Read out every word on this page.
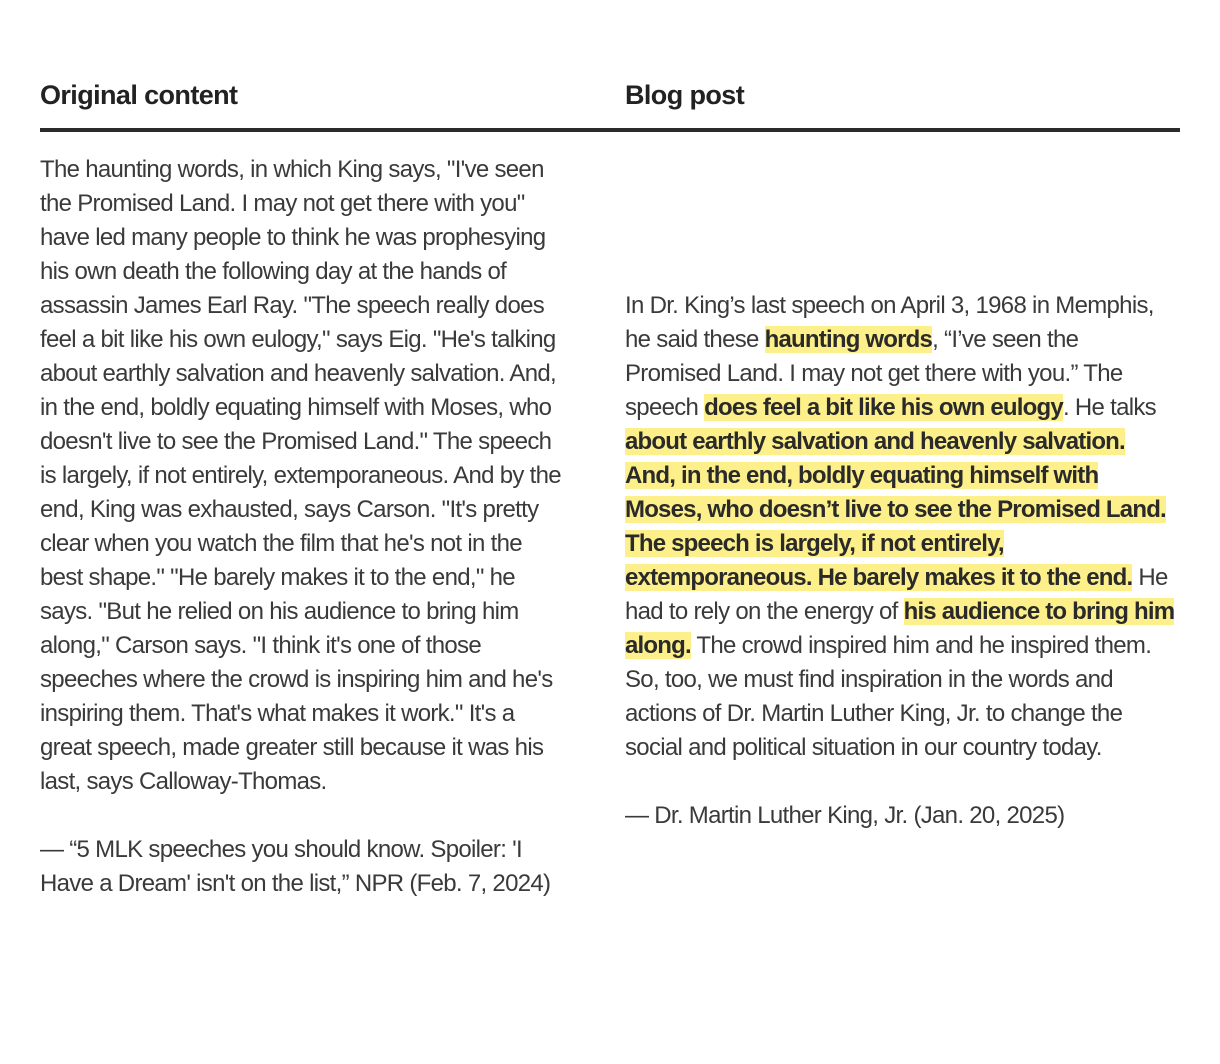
Original content	Blog post

The haunting words, in which King says, "I've seen the Promised Land. I may not get there with you" have led many people to think he was prophesying his own death the following day at the hands of assassin James Earl Ray. "The speech really does feel a bit like his own eulogy," says Eig. "He's talking about earthly salvation and heavenly salvation. And, in the end, boldly equating himself with Moses, who doesn't live to see the Promised Land." The speech is largely, if not entirely, extemporaneous. And by the end, King was exhausted, says Carson. "It's pretty clear when you watch the film that he's not in the best shape." "He barely makes it to the end," he says. "But he relied on his audience to bring him along," Carson says. "I think it's one of those speeches where the crowd is inspiring him and he's inspiring them. That's what makes it work." It's a great speech, made greater still because it was his last, says Calloway-Thomas.

— “5 MLK speeches you should know. Spoiler: 'I Have a Dream' isn't on the list,” NPR (Feb. 7, 2024)

In Dr. King’s last speech on April 3, 1968 in Memphis, he said these haunting words, “I’ve seen the Promised Land. I may not get there with you.” The speech does feel a bit like his own eulogy. He talks about earthly salvation and heavenly salvation. And, in the end, boldly equating himself with Moses, who doesn’t live to see the Promised Land. The speech is largely, if not entirely, extemporaneous. He barely makes it to the end. He had to rely on the energy of his audience to bring him along. The crowd inspired him and he inspired them. So, too, we must find inspiration in the words and actions of Dr. Martin Luther King, Jr. to change the social and political situation in our country today.

— Dr. Martin Luther King, Jr. (Jan. 20, 2025)
